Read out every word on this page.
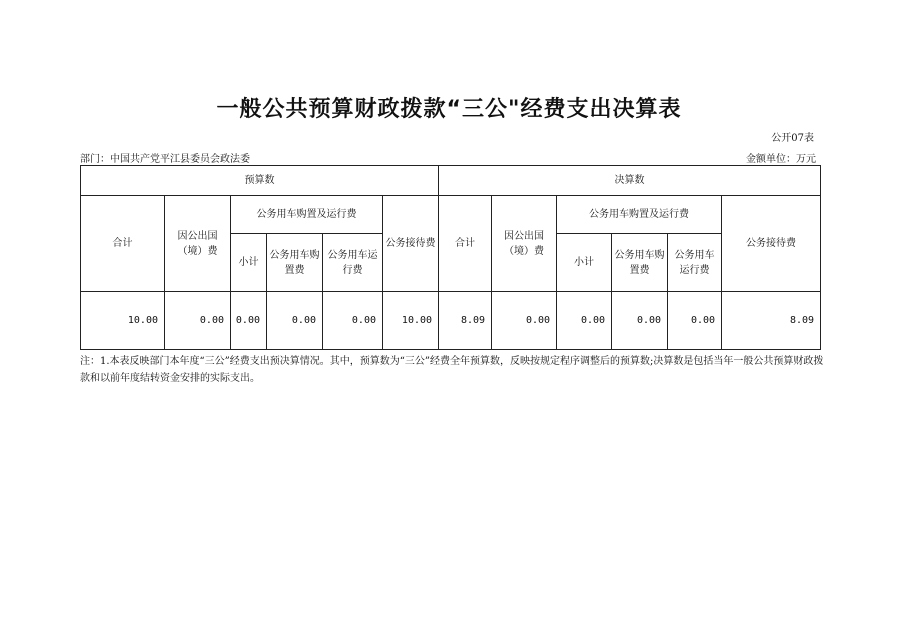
一般公共预算财政拨款“三公"经费支出决算表
公开07表
部门：中国共产党平江县委员会政法委	金额单位：万元
预算数						决算数					
合计	因公出国（境）费	公务用车购置及运行费			公务接待费	合计	因公出国（境）费	公务用车购置及运行费			公务接待费
		小计	公务用车购置费	公务用车运行费				小计	公务用车购置费	公务用车运行费	
10.00	0.00	0.00	0.00	0.00	10.00	8.09	0.00	0.00	0.00	0.00	8.09
注：1.本表反映部门本年度“三公”经费支出预决算情况。其中，预算数为“三公”经费全年预算数，反映按规定程序调整后的预算数;决算数是包括当年一般公共预算财政拨款和以前年度结转资金安排的实际支出。
